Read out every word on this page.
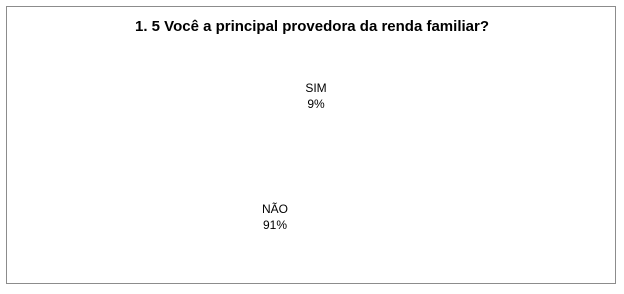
1. 5 Você a principal provedora da renda familiar?
SIM
9%
NÃO
91%
